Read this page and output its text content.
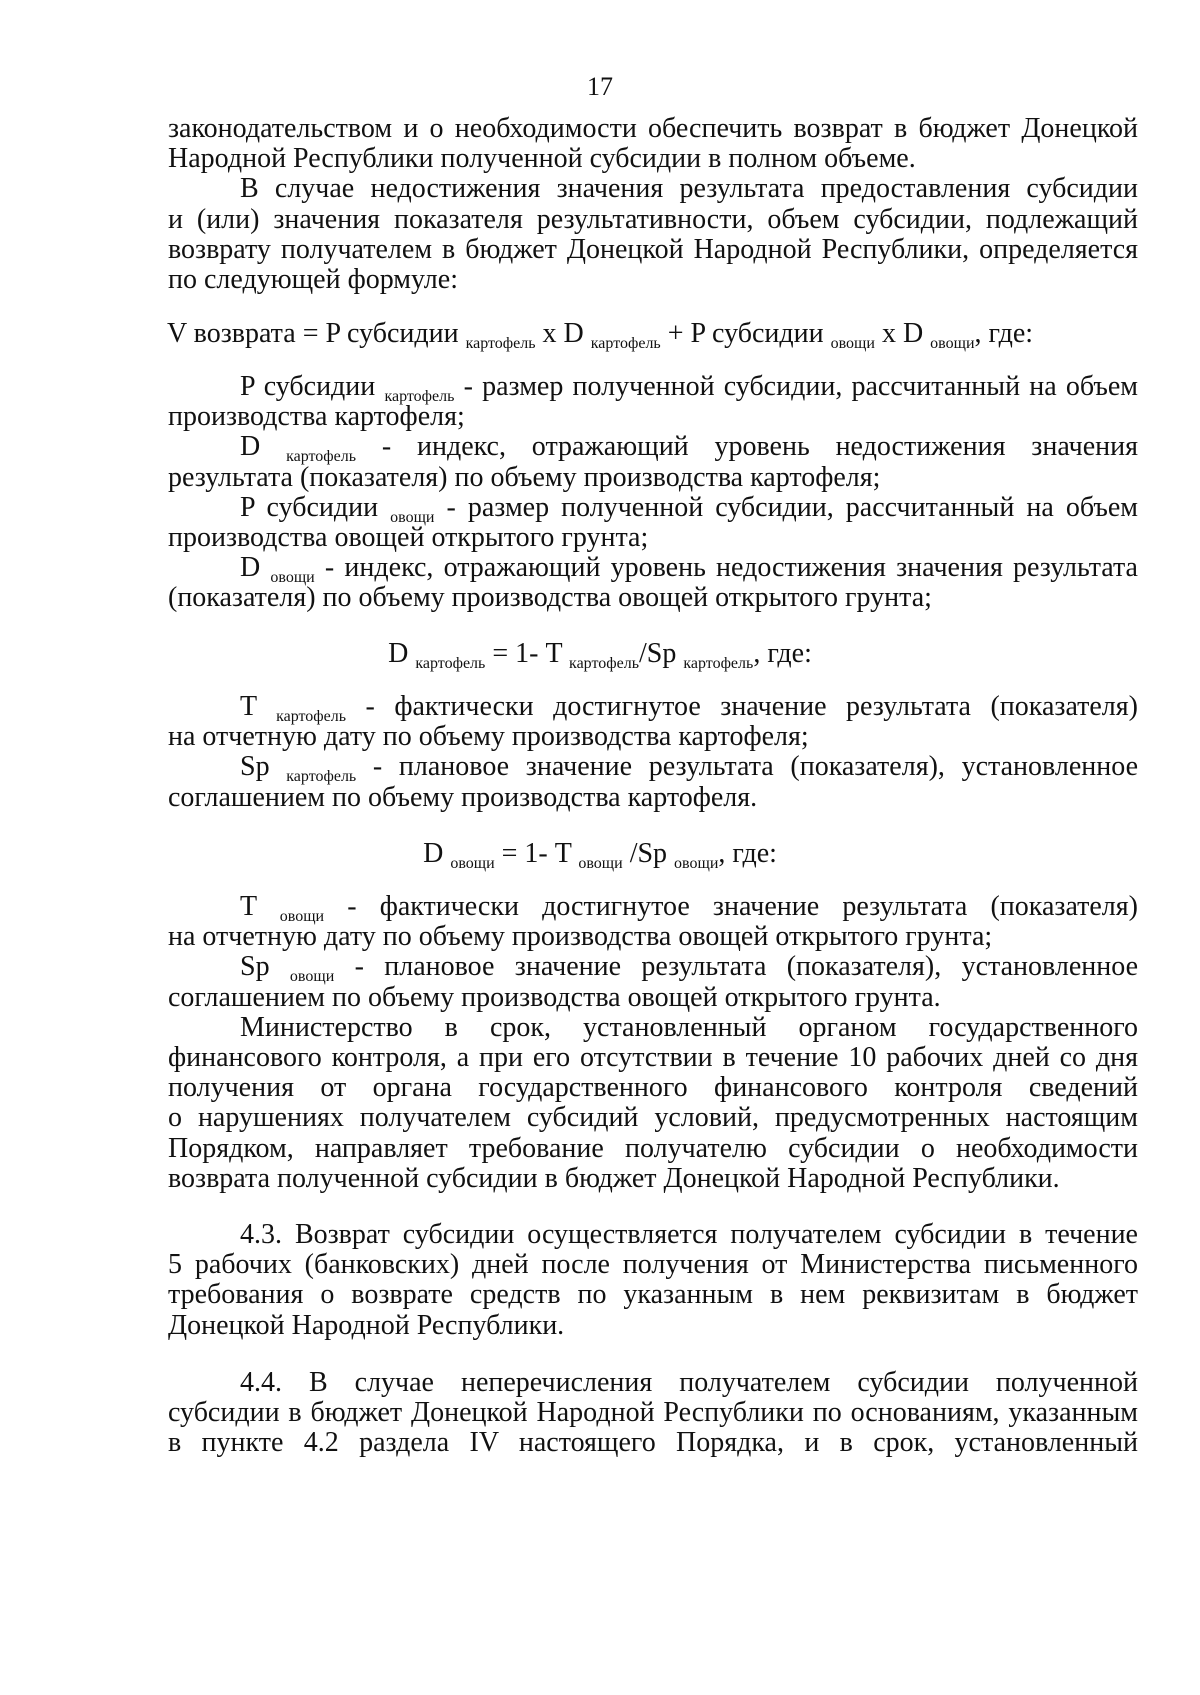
17
законодательством и о необходимости обеспечить возврат в бюджет Донецкой
Народной Республики полученной субсидии в полном объеме.
В случае недостижения значения результата предоставления субсидии
и (или) значения показателя результативности, объем субсидии, подлежащий
возврату получателем в бюджет Донецкой Народной Республики, определяется
по следующей формуле:
V возврата = P субсидии $_{картофель}$ x D $_{картофель}$ + P субсидии $_{овощи}$ x D $_{овощи}$, где:
P субсидии $_{картофель}$ - размер полученной субсидии, рассчитанный на объем
производства картофеля;
D $_{картофель}$ - индекс, отражающий уровень недостижения значения
результата (показателя) по объему производства картофеля;
P субсидии $_{овощи}$ - размер полученной субсидии, рассчитанный на объем
производства овощей открытого грунта;
D $_{овощи}$ - индекс, отражающий уровень недостижения значения результата
(показателя) по объему производства овощей открытого грунта;
D $_{картофель}$ = 1- T $_{картофель}$/Sp $_{картофель}$, где:
T $_{картофель}$ - фактически достигнутое значение результата (показателя)
на отчетную дату по объему производства картофеля;
Sp $_{картофель}$ - плановое значение результата (показателя), установленное
соглашением по объему производства картофеля.
D $_{овощи}$ = 1- T $_{овощи}$ /Sp $_{овощи}$, где:
T $_{овощи}$ - фактически достигнутое значение результата (показателя)
на отчетную дату по объему производства овощей открытого грунта;
Sp $_{овощи}$ - плановое значение результата (показателя), установленное
соглашением по объему производства овощей открытого грунта.
Министерство в срок, установленный органом государственного
финансового контроля, а при его отсутствии в течение 10 рабочих дней со дня
получения от органа государственного финансового контроля сведений
о нарушениях получателем субсидий условий, предусмотренных настоящим
Порядком, направляет требование получателю субсидии о необходимости
возврата полученной субсидии в бюджет Донецкой Народной Республики.
4.3. Возврат субсидии осуществляется получателем субсидии в течение
5 рабочих (банковских) дней после получения от Министерства письменного
требования о возврате средств по указанным в нем реквизитам в бюджет
Донецкой Народной Республики.
4.4. В случае неперечисления получателем субсидии полученной
субсидии в бюджет Донецкой Народной Республики по основаниям, указанным
в пункте 4.2 раздела IV настоящего Порядка, и в срок, установленный
